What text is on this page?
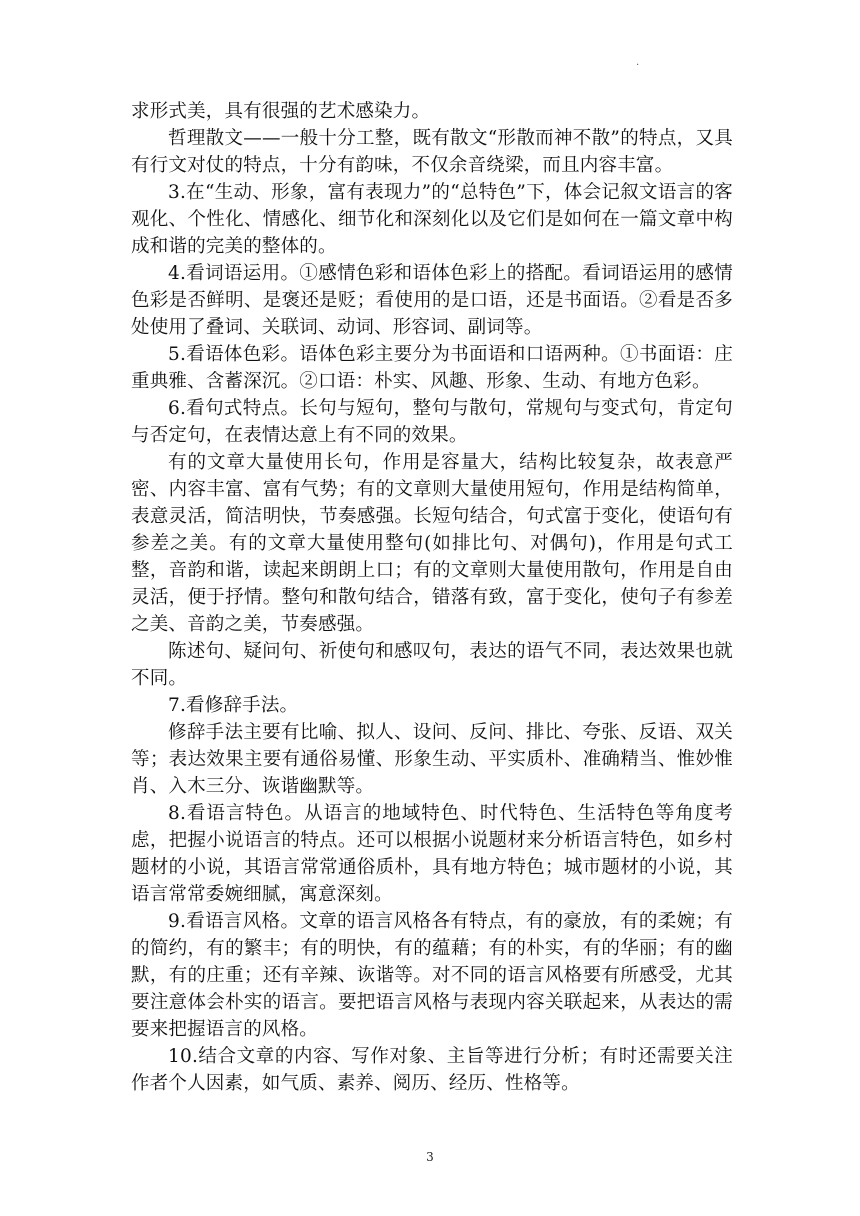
.

求形式美，具有很强的艺术感染力。

哲理散文——一般十分工整，既有散文“形散而神不散”的特点，又具有行文对仗的特点，十分有韵味，不仅余音绕梁，而且内容丰富。

3.在“生动、形象，富有表现力”的“总特色”下，体会记叙文语言的客观化、个性化、情感化、细节化和深刻化以及它们是如何在一篇文章中构成和谐的完美的整体的。

4.看词语运用。①感情色彩和语体色彩上的搭配。看词语运用的感情色彩是否鲜明、是褒还是贬；看使用的是口语，还是书面语。②看是否多处使用了叠词、关联词、动词、形容词、副词等。

5.看语体色彩。语体色彩主要分为书面语和口语两种。①书面语：庄重典雅、含蓄深沉。②口语：朴实、风趣、形象、生动、有地方色彩。

6.看句式特点。长句与短句，整句与散句，常规句与变式句，肯定句与否定句，在表情达意上有不同的效果。

有的文章大量使用长句，作用是容量大，结构比较复杂，故表意严密、内容丰富、富有气势；有的文章则大量使用短句，作用是结构简单，表意灵活，简洁明快，节奏感强。长短句结合，句式富于变化，使语句有参差之美。有的文章大量使用整句(如排比句、对偶句)，作用是句式工整，音韵和谐，读起来朗朗上口；有的文章则大量使用散句，作用是自由灵活，便于抒情。整句和散句结合，错落有致，富于变化，使句子有参差之美、音韵之美，节奏感强。

陈述句、疑问句、祈使句和感叹句，表达的语气不同，表达效果也就不同。

7.看修辞手法。

修辞手法主要有比喻、拟人、设问、反问、排比、夸张、反语、双关等；表达效果主要有通俗易懂、形象生动、平实质朴、准确精当、惟妙惟肖、入木三分、诙谐幽默等。

8.看语言特色。从语言的地域特色、时代特色、生活特色等角度考虑，把握小说语言的特点。还可以根据小说题材来分析语言特色，如乡村题材的小说，其语言常常通俗质朴，具有地方特色；城市题材的小说，其语言常常委婉细腻，寓意深刻。

9.看语言风格。文章的语言风格各有特点，有的豪放，有的柔婉；有的简约，有的繁丰；有的明快，有的蕴藉；有的朴实，有的华丽；有的幽默，有的庄重；还有辛辣、诙谐等。对不同的语言风格要有所感受，尤其要注意体会朴实的语言。要把语言风格与表现内容关联起来，从表达的需要来把握语言的风格。

10.结合文章的内容、写作对象、主旨等进行分析；有时还需要关注作者个人因素，如气质、素养、阅历、经历、性格等。

3
